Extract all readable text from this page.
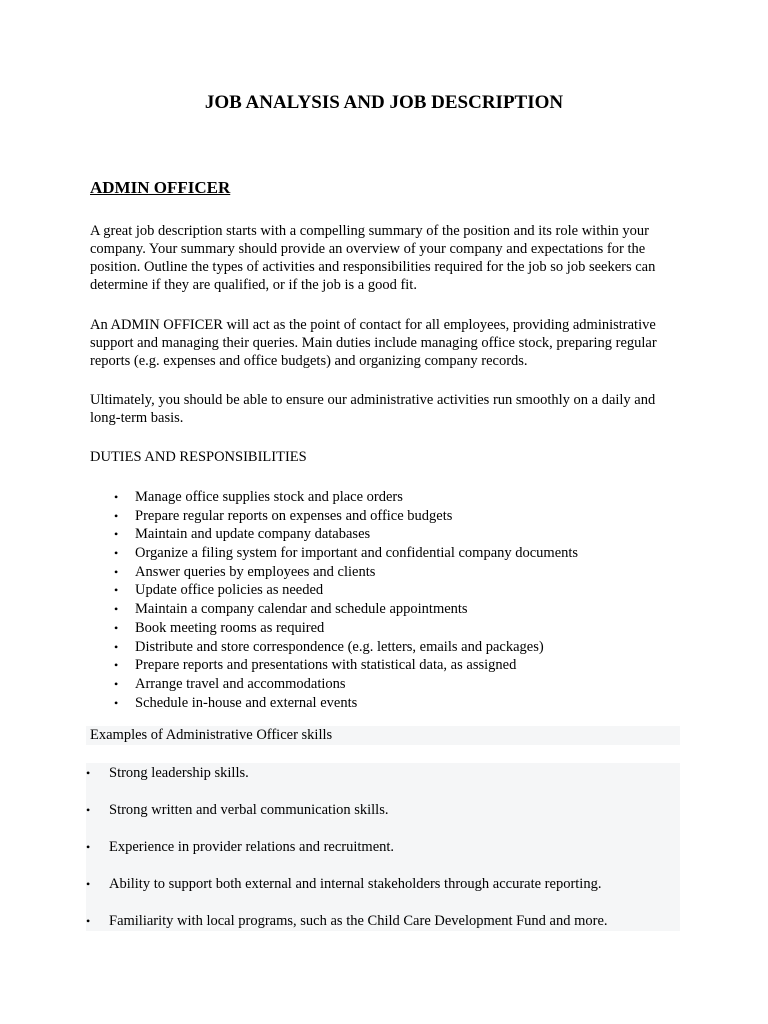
JOB ANALYSIS AND JOB DESCRIPTION
ADMIN OFFICER

A great job description starts with a compelling summary of the position and its role within your company. Your summary should provide an overview of your company and expectations for the position. Outline the types of activities and responsibilities required for the job so job seekers can determine if they are qualified, or if the job is a good fit.

An ADMIN OFFICER will act as the point of contact for all employees, providing administrative support and managing their queries. Main duties include managing office stock, preparing regular reports (e.g. expenses and office budgets) and organizing company records.

Ultimately, you should be able to ensure our administrative activities run smoothly on a daily and long-term basis.

DUTIES AND RESPONSIBILITIES

• Manage office supplies stock and place orders
• Prepare regular reports on expenses and office budgets
• Maintain and update company databases
• Organize a filing system for important and confidential company documents
• Answer queries by employees and clients
• Update office policies as needed
• Maintain a company calendar and schedule appointments
• Book meeting rooms as required
• Distribute and store correspondence (e.g. letters, emails and packages)
• Prepare reports and presentations with statistical data, as assigned
• Arrange travel and accommodations
• Schedule in-house and external events
Examples of Administrative Officer skills
• Strong leadership skills.
• Strong written and verbal communication skills.
• Experience in provider relations and recruitment.
• Ability to support both external and internal stakeholders through accurate reporting.
• Familiarity with local programs, such as the Child Care Development Fund and more.
